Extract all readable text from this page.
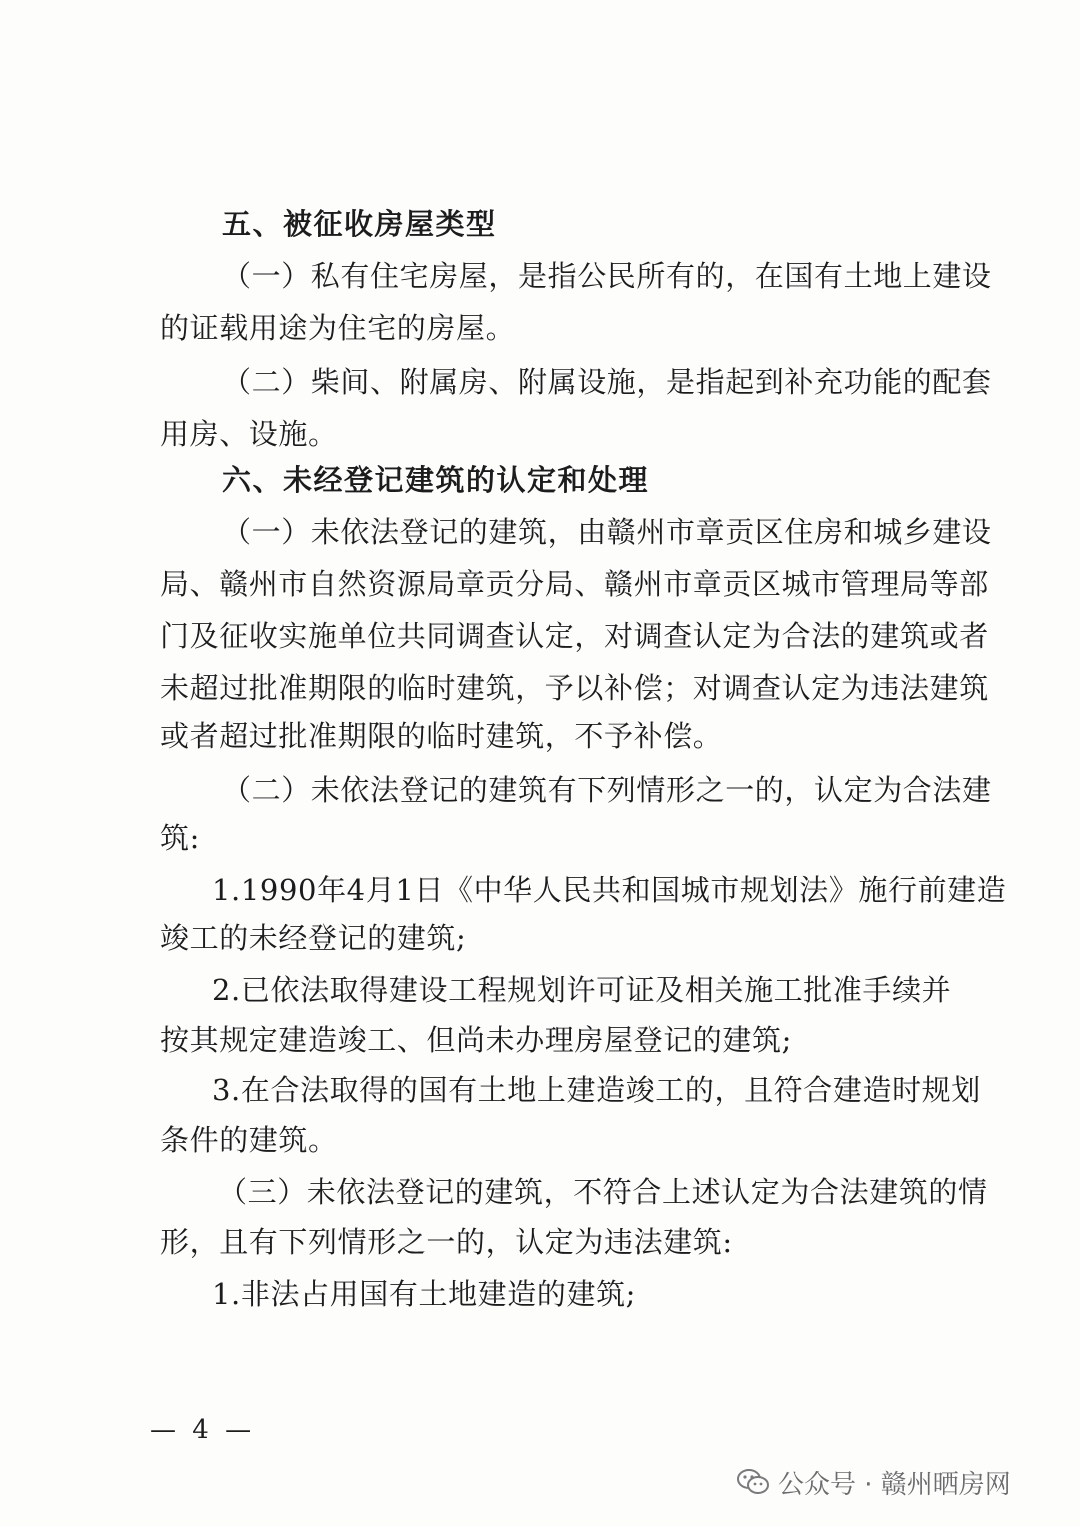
五、被征收房屋类型
（一）私有住宅房屋，是指公民所有的，在国有土地上建设
的证载用途为住宅的房屋。
（二）柴间、附属房、附属设施，是指起到补充功能的配套
用房、设施。
六、未经登记建筑的认定和处理
（一）未依法登记的建筑，由赣州市章贡区住房和城乡建设
局、赣州市自然资源局章贡分局、赣州市章贡区城市管理局等部
门及征收实施单位共同调查认定，对调查认定为合法的建筑或者
未超过批准期限的临时建筑，予以补偿；对调查认定为违法建筑
或者超过批准期限的临时建筑，不予补偿。
（二）未依法登记的建筑有下列情形之一的，认定为合法建
筑:
1.1990年4月1日《中华人民共和国城市规划法》施行前建造
竣工的未经登记的建筑;
2.已依法取得建设工程规划许可证及相关施工批准手续并
按其规定建造竣工、但尚未办理房屋登记的建筑;
3.在合法取得的国有土地上建造竣工的，且符合建造时规划
条件的建筑。
（三）未依法登记的建筑，不符合上述认定为合法建筑的情
形，且有下列情形之一的，认定为违法建筑:
1.非法占用国有土地建造的建筑;
— 4 —
公众号 · 赣州晒房网
